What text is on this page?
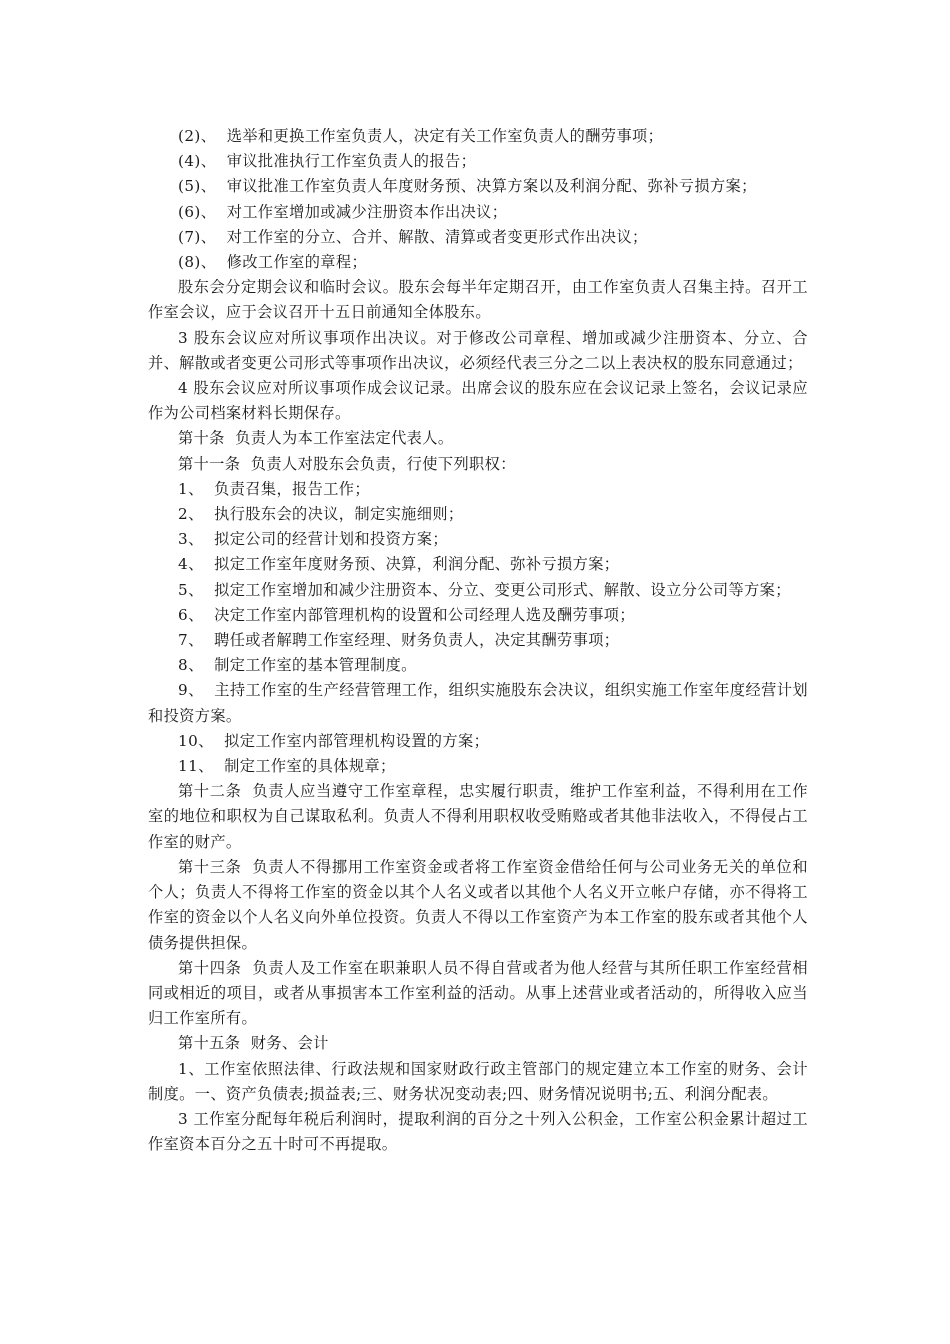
(2)、  选举和更换工作室负责人，决定有关工作室负责人的酬劳事项；

(4)、  审议批准执行工作室负责人的报告；

(5)、  审议批准工作室负责人年度财务预、决算方案以及利润分配、弥补亏损方案；

(6)、  对工作室增加或减少注册资本作出决议；

(7)、  对工作室的分立、合并、解散、清算或者变更形式作出决议；

(8)、  修改工作室的章程；

股东会分定期会议和临时会议。股东会每半年定期召开，由工作室负责人召集主持。召开工作室会议，应于会议召开十五日前通知全体股东。

3 股东会议应对所议事项作出决议。对于修改公司章程、增加或减少注册资本、分立、合并、解散或者变更公司形式等事项作出决议，必须经代表三分之二以上表决权的股东同意通过；

4 股东会议应对所议事项作成会议记录。出席会议的股东应在会议记录上签名，会议记录应作为公司档案材料长期保存。

第十条  负责人为本工作室法定代表人。

第十一条  负责人对股东会负责，行使下列职权：

1、  负责召集，报告工作；

2、  执行股东会的决议，制定实施细则；

3、  拟定公司的经营计划和投资方案；

4、  拟定工作室年度财务预、决算，利润分配、弥补亏损方案；

5、  拟定工作室增加和减少注册资本、分立、变更公司形式、解散、设立分公司等方案；

6、  决定工作室内部管理机构的设置和公司经理人选及酬劳事项；

7、  聘任或者解聘工作室经理、财务负责人，决定其酬劳事项；

8、  制定工作室的基本管理制度。

9、  主持工作室的生产经营管理工作，组织实施股东会决议，组织实施工作室年度经营计划和投资方案。

10、  拟定工作室内部管理机构设置的方案；

11、  制定工作室的具体规章；

第十二条  负责人应当遵守工作室章程，忠实履行职责，维护工作室利益，不得利用在工作室的地位和职权为自己谋取私利。负责人不得利用职权收受贿赂或者其他非法收入，不得侵占工作室的财产。

第十三条  负责人不得挪用工作室资金或者将工作室资金借给任何与公司业务无关的单位和个人；负责人不得将工作室的资金以其个人名义或者以其他个人名义开立帐户存储，亦不得将工作室的资金以个人名义向外单位投资。负责人不得以工作室资产为本工作室的股东或者其他个人债务提供担保。

第十四条  负责人及工作室在职兼职人员不得自营或者为他人经营与其所任职工作室经营相同或相近的项目，或者从事损害本工作室利益的活动。从事上述营业或者活动的，所得收入应当归工作室所有。

第十五条  财务、会计

1、工作室依照法律、行政法规和国家财政行政主管部门的规定建立本工作室的财务、会计制度。一、资产负债表;损益表;三、财务状况变动表;四、财务情况说明书;五、利润分配表。

3 工作室分配每年税后利润时，提取利润的百分之十列入公积金，工作室公积金累计超过工作室资本百分之五十时可不再提取。
